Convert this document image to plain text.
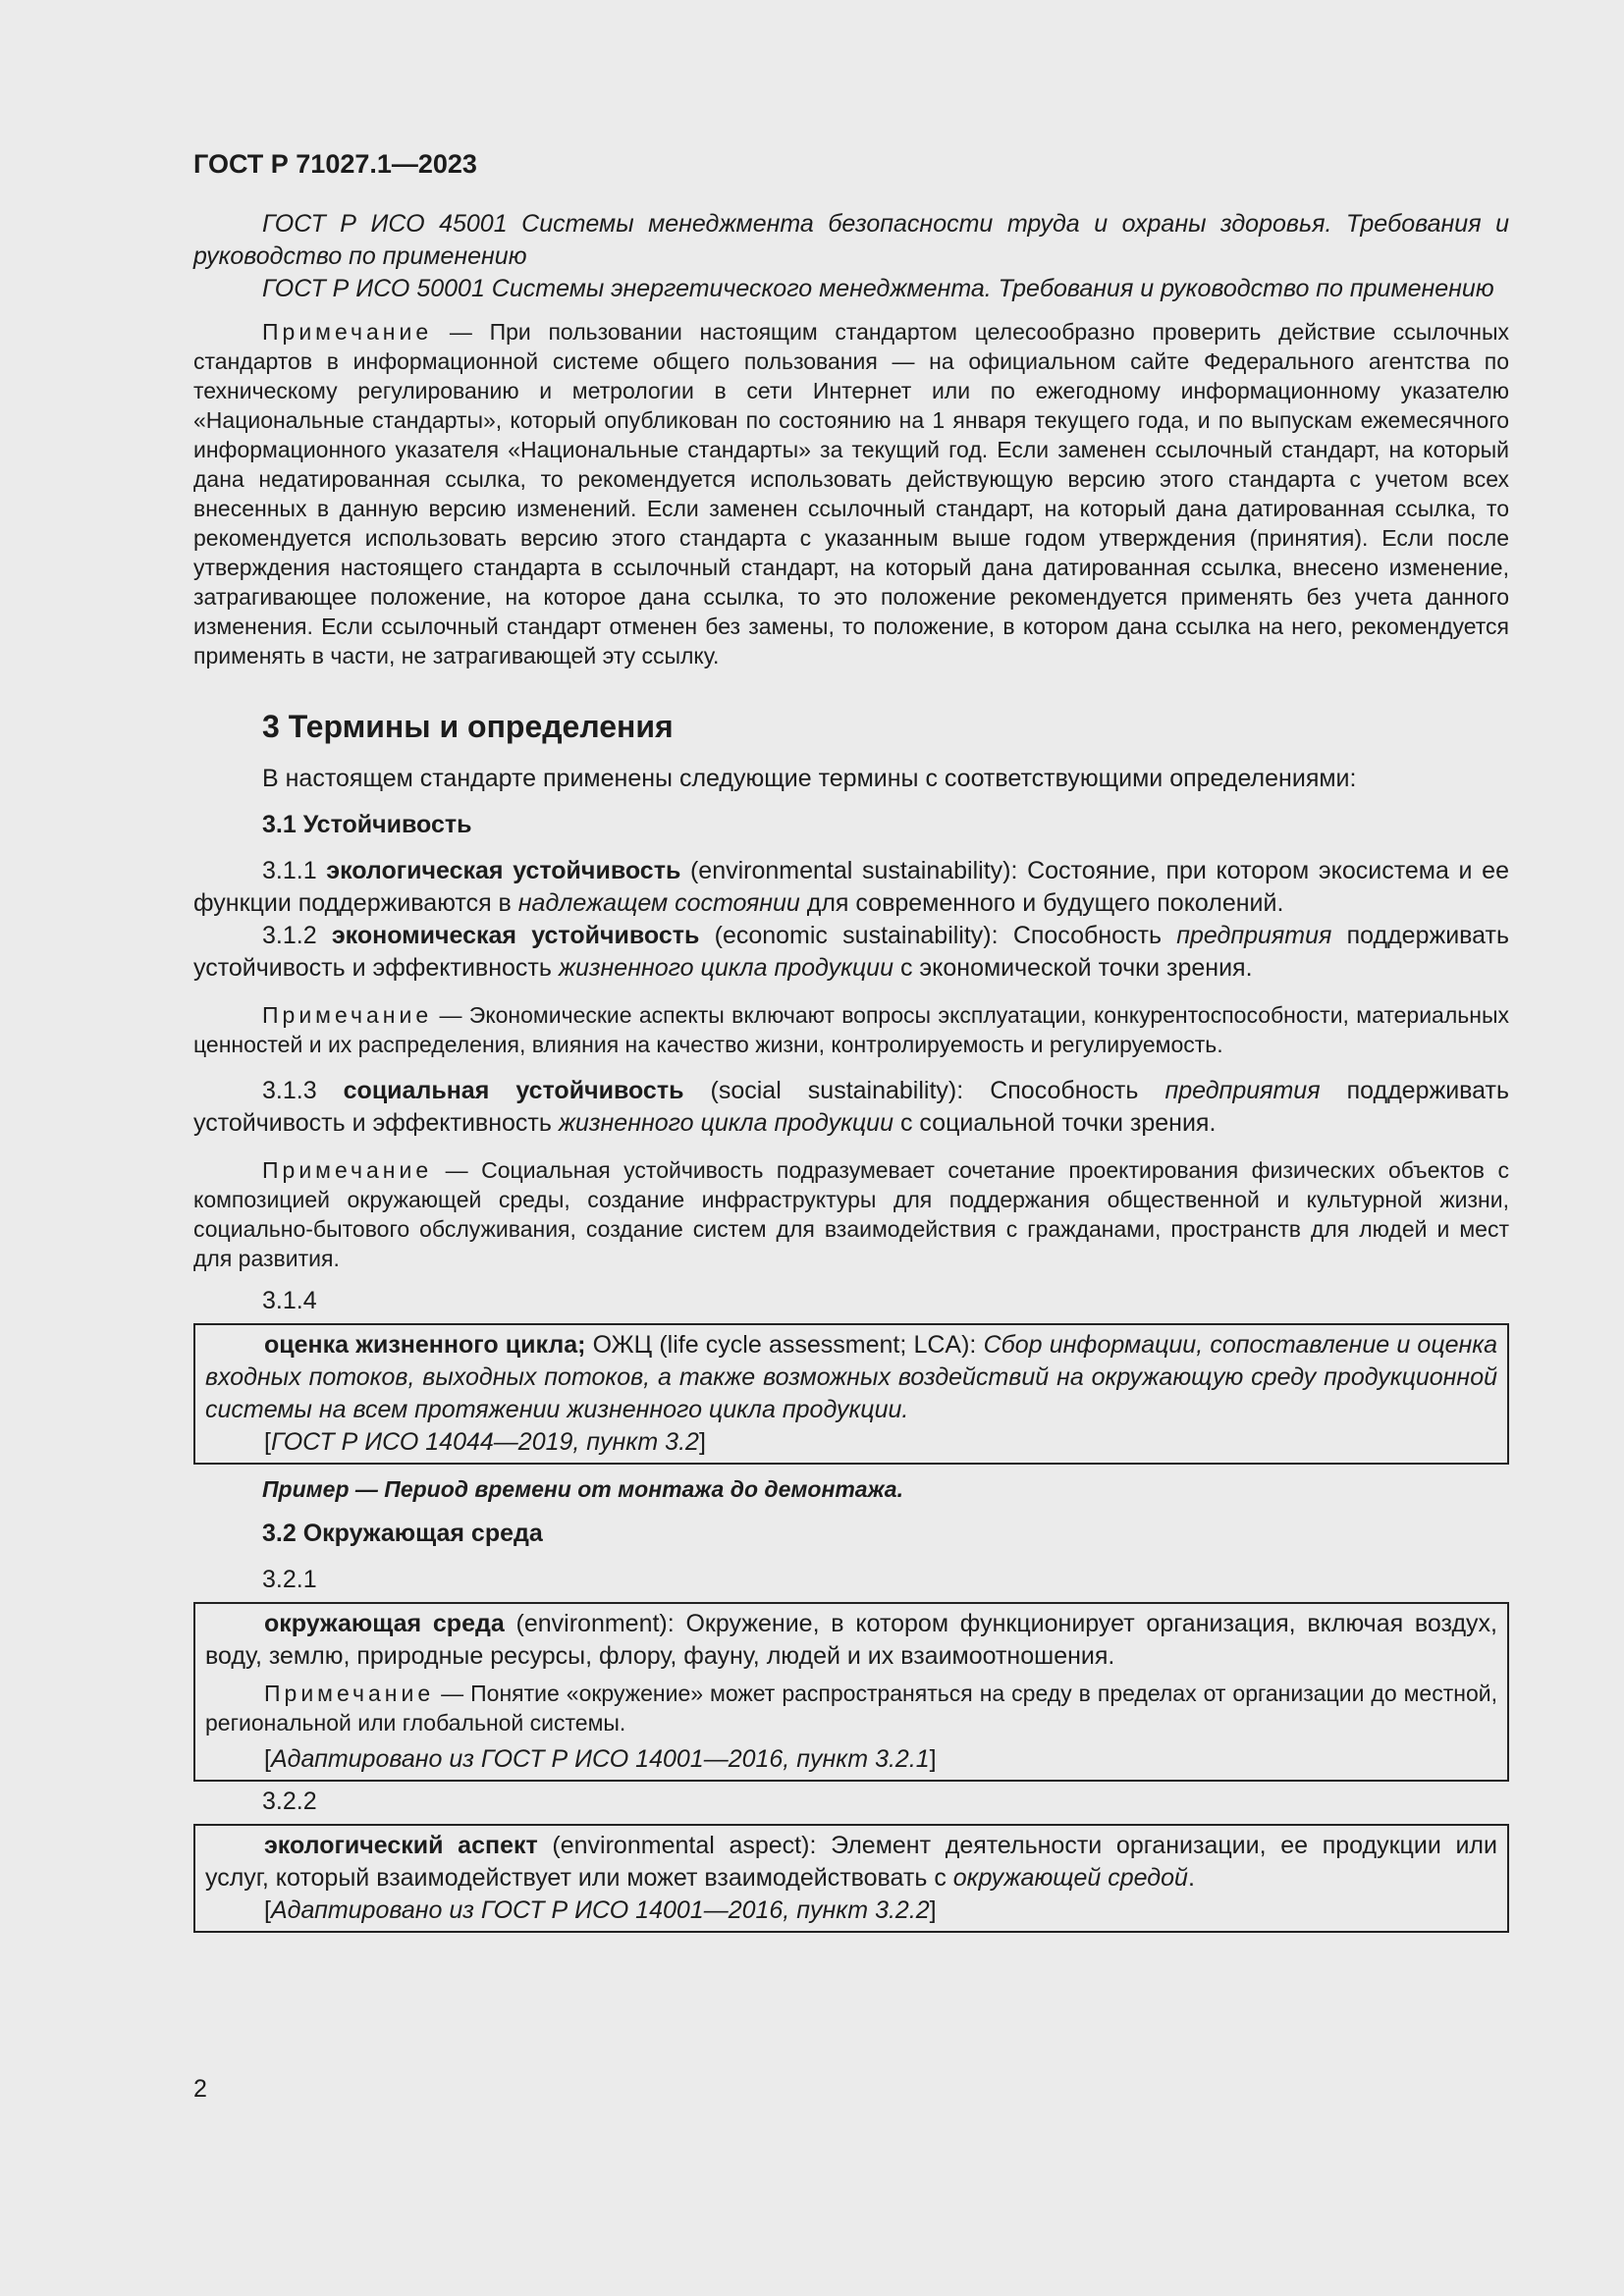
ГОСТ Р 71027.1—2023

ГОСТ Р ИСО 45001 Системы менеджмента безопасности труда и охраны здоровья. Требования и руководство по применению

ГОСТ Р ИСО 50001 Системы энергетического менеджмента. Требования и руководство по применению

Примечание — При пользовании настоящим стандартом целесообразно проверить действие ссылочных стандартов в информационной системе общего пользования — на официальном сайте Федерального агентства по техническому регулированию и метрологии в сети Интернет или по ежегодному информационному указателю «Национальные стандарты», который опубликован по состоянию на 1 января текущего года, и по выпускам ежемесячного информационного указателя «Национальные стандарты» за текущий год. Если заменен ссылочный стандарт, на который дана недатированная ссылка, то рекомендуется использовать действующую версию этого стандарта с учетом всех внесенных в данную версию изменений. Если заменен ссылочный стандарт, на который дана датированная ссылка, то рекомендуется использовать версию этого стандарта с указанным выше годом утверждения (принятия). Если после утверждения настоящего стандарта в ссылочный стандарт, на который дана датированная ссылка, внесено изменение, затрагивающее положение, на которое дана ссылка, то это положение рекомендуется применять без учета данного изменения. Если ссылочный стандарт отменен без замены, то положение, в котором дана ссылка на него, рекомендуется применять в части, не затрагивающей эту ссылку.

3 Термины и определения

В настоящем стандарте применены следующие термины с соответствующими определениями:

3.1 Устойчивость

3.1.1 экологическая устойчивость (environmental sustainability): Состояние, при котором экосистема и ее функции поддерживаются в надлежащем состоянии для современного и будущего поколений.

3.1.2 экономическая устойчивость (economic sustainability): Способность предприятия поддерживать устойчивость и эффективность жизненного цикла продукции с экономической точки зрения.

Примечание — Экономические аспекты включают вопросы эксплуатации, конкурентоспособности, материальных ценностей и их распределения, влияния на качество жизни, контролируемость и регулируемость.

3.1.3 социальная устойчивость (social sustainability): Способность предприятия поддерживать устойчивость и эффективность жизненного цикла продукции с социальной точки зрения.

Примечание — Социальная устойчивость подразумевает сочетание проектирования физических объектов с композицией окружающей среды, создание инфраструктуры для поддержания общественной и культурной жизни, социально-бытового обслуживания, создание систем для взаимодействия с гражданами, пространств для людей и мест для развития.

3.1.4

оценка жизненного цикла; ОЖЦ (life cycle assessment; LCA): Сбор информации, сопоставление и оценка входных потоков, выходных потоков, а также возможных воздействий на окружающую среду продукционной системы на всем протяжении жизненного цикла продукции.

[ГОСТ Р ИСО 14044—2019, пункт 3.2]

Пример — Период времени от монтажа до демонтажа.

3.2 Окружающая среда
3.2.1

окружающая среда (environment): Окружение, в котором функционирует организация, включая воздух, воду, землю, природные ресурсы, флору, фауну, людей и их взаимоотношения.

Примечание — Понятие «окружение» может распространяться на среду в пределах от организации до местной, региональной или глобальной системы.

[Адаптировано из ГОСТ Р ИСО 14001—2016, пункт 3.2.1]

3.2.2

экологический аспект (environmental aspect): Элемент деятельности организации, ее продукции или услуг, который взаимодействует или может взаимодействовать с окружающей средой.

[Адаптировано из ГОСТ Р ИСО 14001—2016, пункт 3.2.2]

2
